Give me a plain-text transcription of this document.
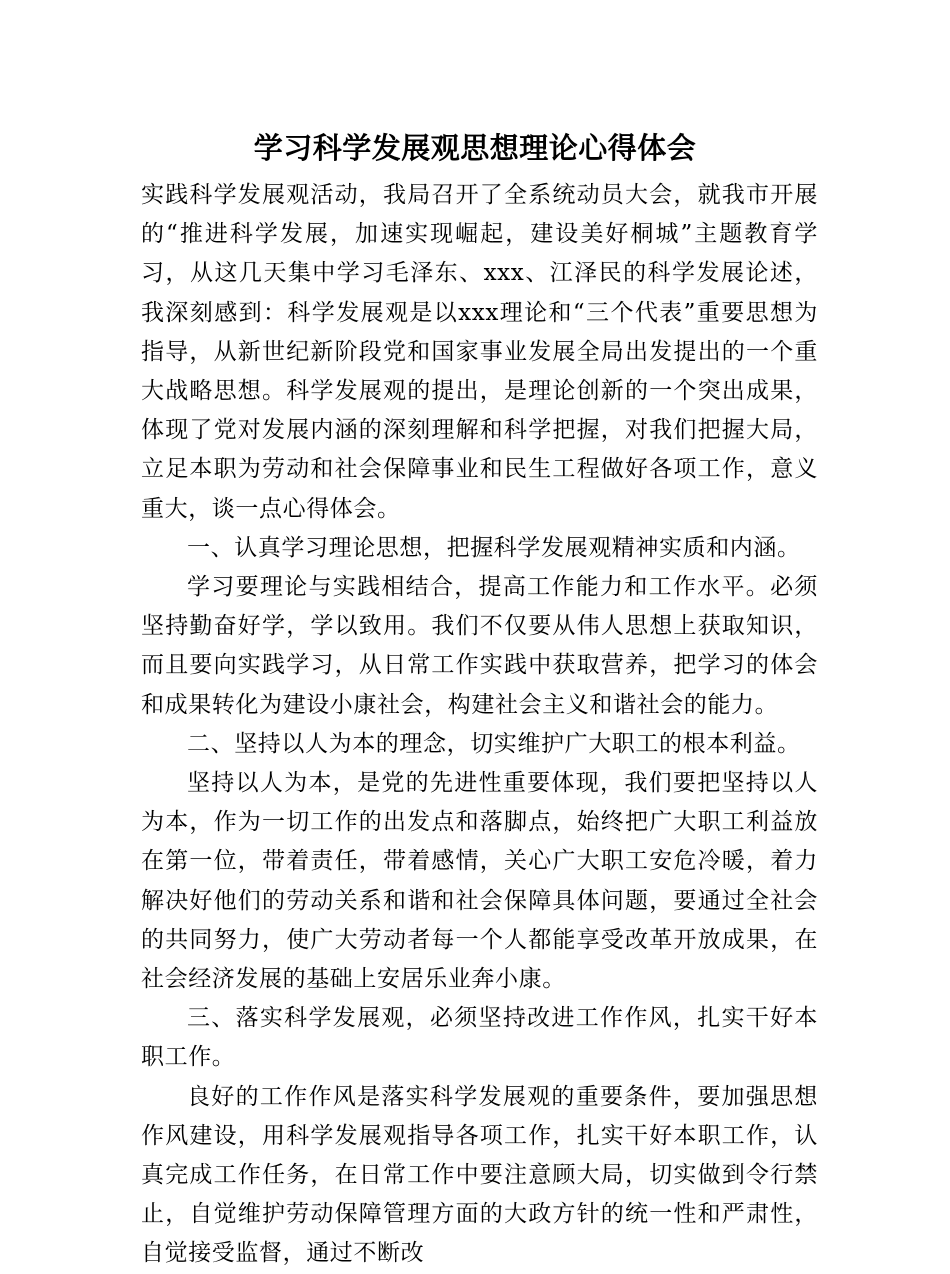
学习科学发展观思想理论心得体会

实践科学发展观活动，我局召开了全系统动员大会，就我市开展的“推进科学发展，加速实现崛起，建设美好桐城”主题教育学习，从这几天集中学习毛泽东、xxx、江泽民的科学发展论述，我深刻感到：科学发展观是以xxx理论和“三个代表”重要思想为指导，从新世纪新阶段党和国家事业发展全局出发提出的一个重大战略思想。科学发展观的提出，是理论创新的一个突出成果，体现了党对发展内涵的深刻理解和科学把握，对我们把握大局，立足本职为劳动和社会保障事业和民生工程做好各项工作，意义重大，谈一点心得体会。

一、认真学习理论思想，把握科学发展观精神实质和内涵。

学习要理论与实践相结合，提高工作能力和工作水平。必须坚持勤奋好学，学以致用。我们不仅要从伟人思想上获取知识，而且要向实践学习，从日常工作实践中获取营养，把学习的体会和成果转化为建设小康社会，构建社会主义和谐社会的能力。

二、坚持以人为本的理念，切实维护广大职工的根本利益。

坚持以人为本，是党的先进性重要体现，我们要把坚持以人为本，作为一切工作的出发点和落脚点，始终把广大职工利益放在第一位，带着责任，带着感情，关心广大职工安危冷暖，着力解决好他们的劳动关系和谐和社会保障具体问题，要通过全社会的共同努力，使广大劳动者每一个人都能享受改革开放成果，在社会经济发展的基础上安居乐业奔小康。

三、落实科学发展观，必须坚持改进工作作风，扎实干好本职工作。

良好的工作作风是落实科学发展观的重要条件，要加强思想作风建设，用科学发展观指导各项工作，扎实干好本职工作，认真完成工作任务，在日常工作中要注意顾大局，切实做到令行禁止，自觉维护劳动保障管理方面的大政方针的统一性和严肃性，自觉接受监督，通过不断改
